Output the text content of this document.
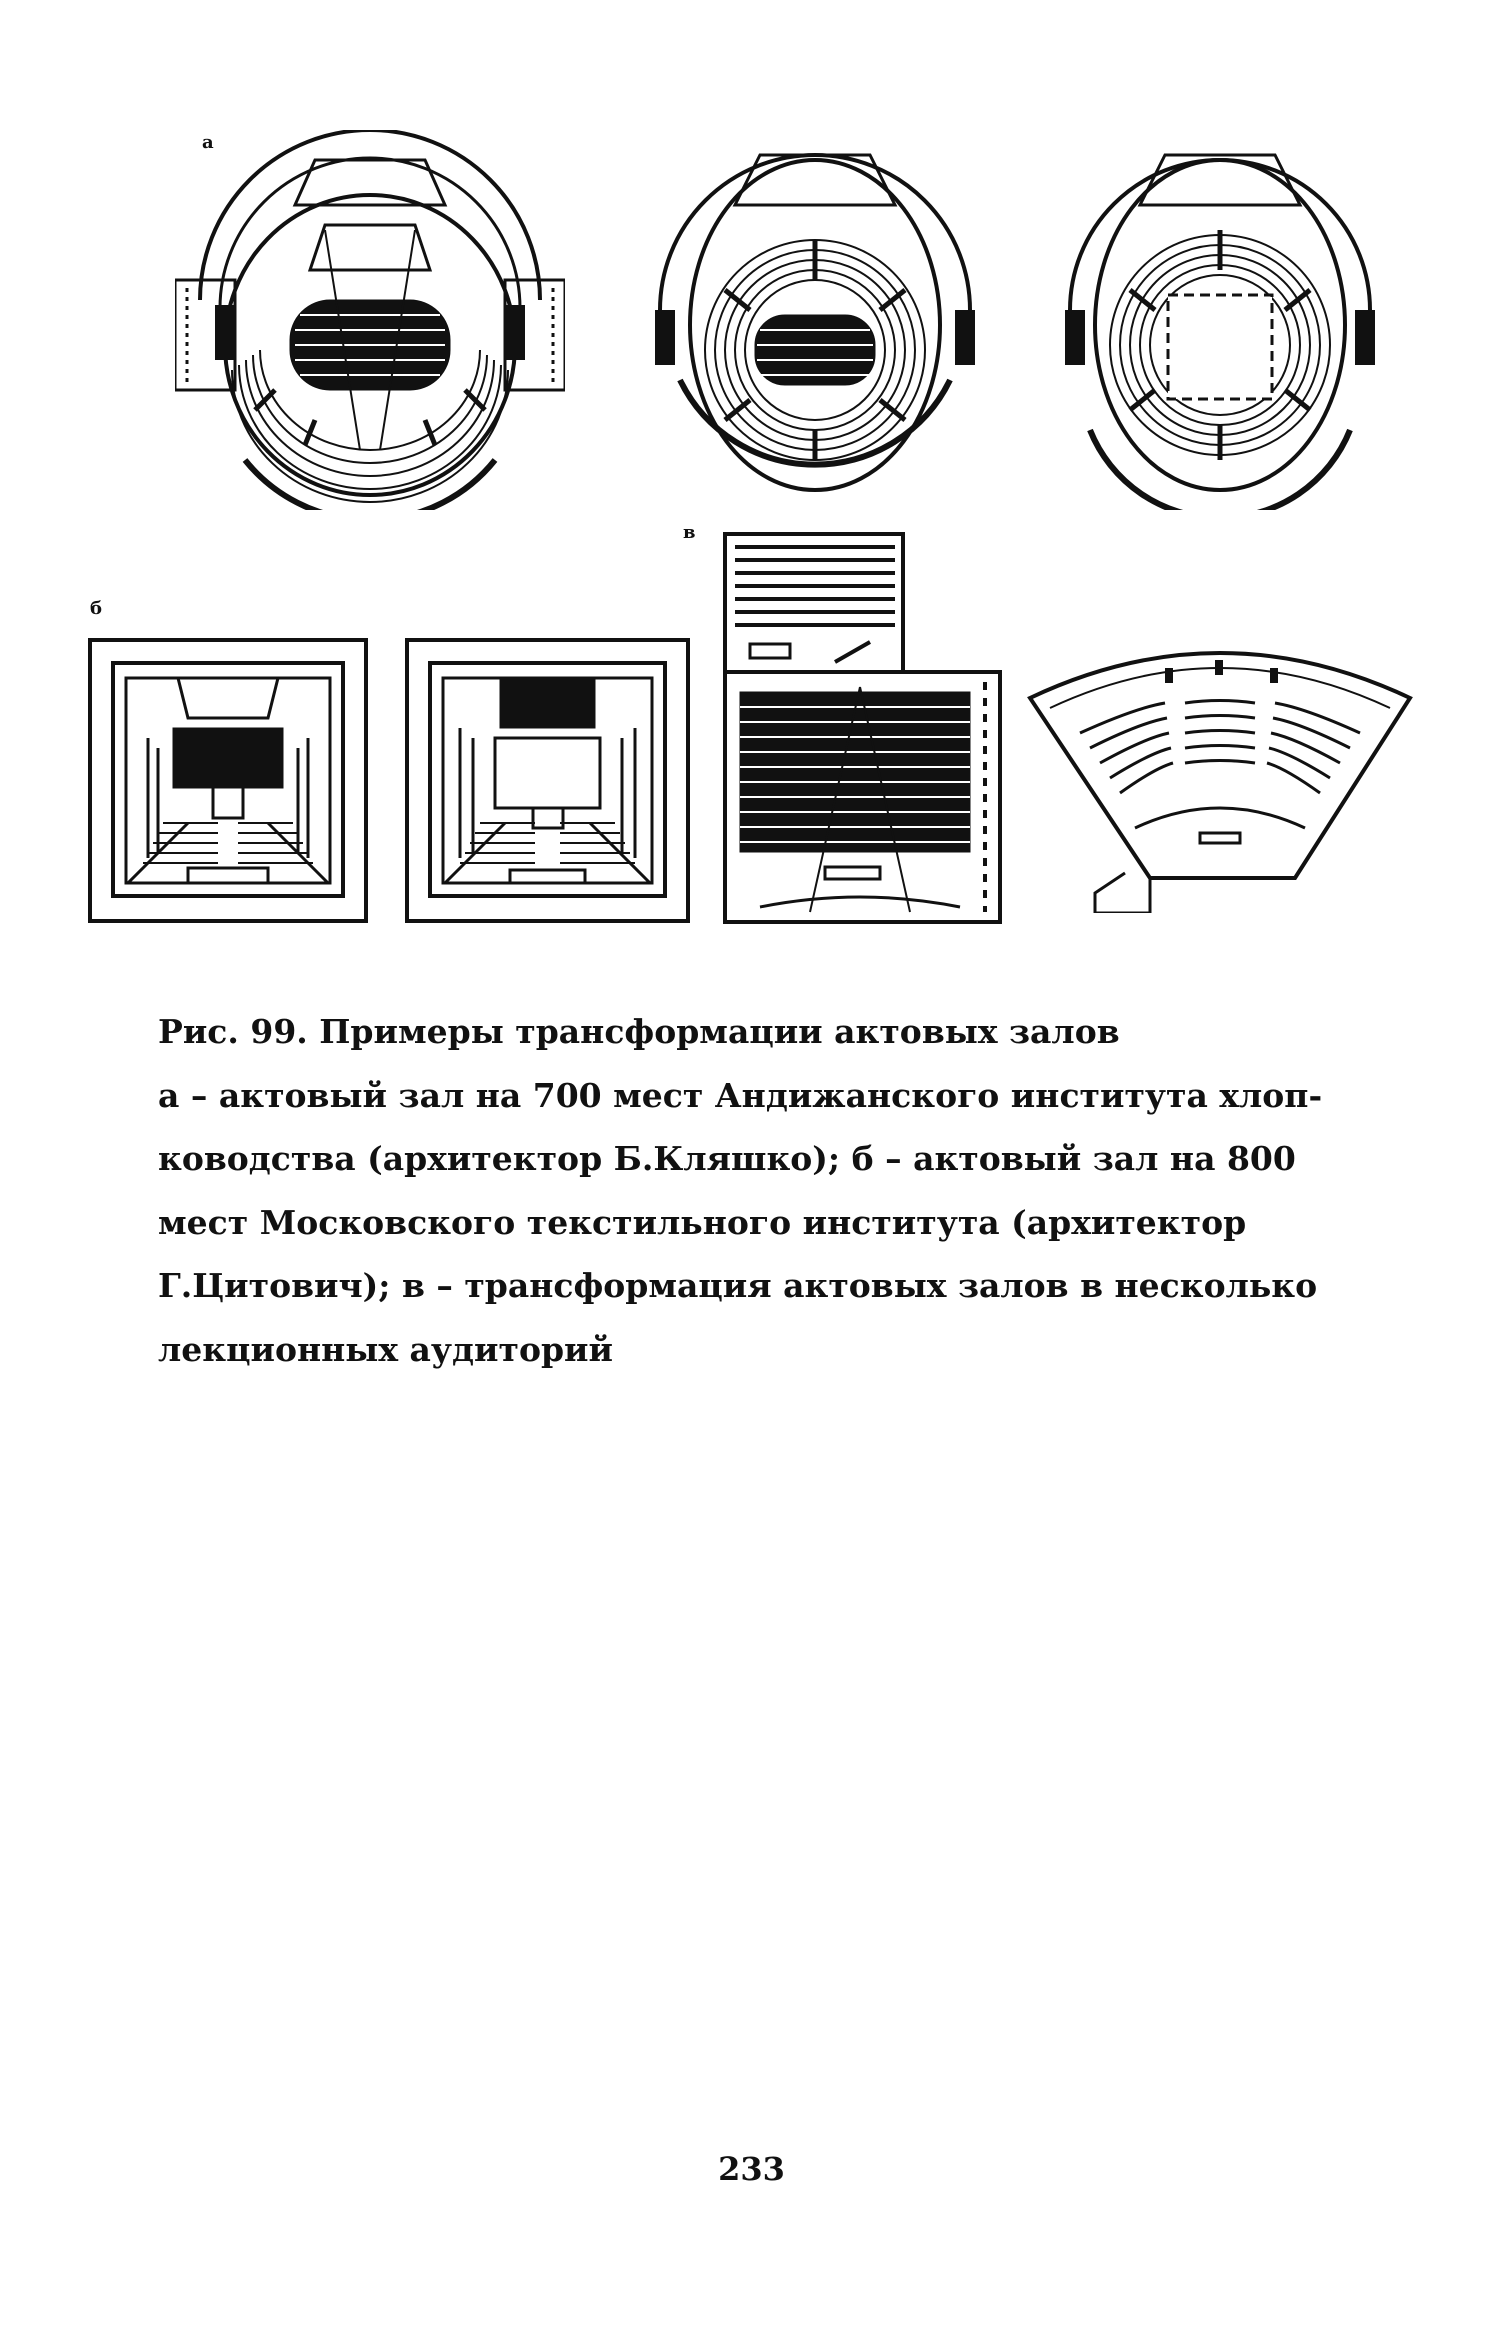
а
б
в
Рис. 99. Примеры трансформации актовых залов
а – актовый зал на 700 мест Андижанского института хлоп-
ководства (архитектор Б.Кляшко); б – актовый зал на 800
мест Московского текстильного института (архитектор
Г.Цитович); в – трансформация актовых залов в несколько
лекционных аудиторий
233
